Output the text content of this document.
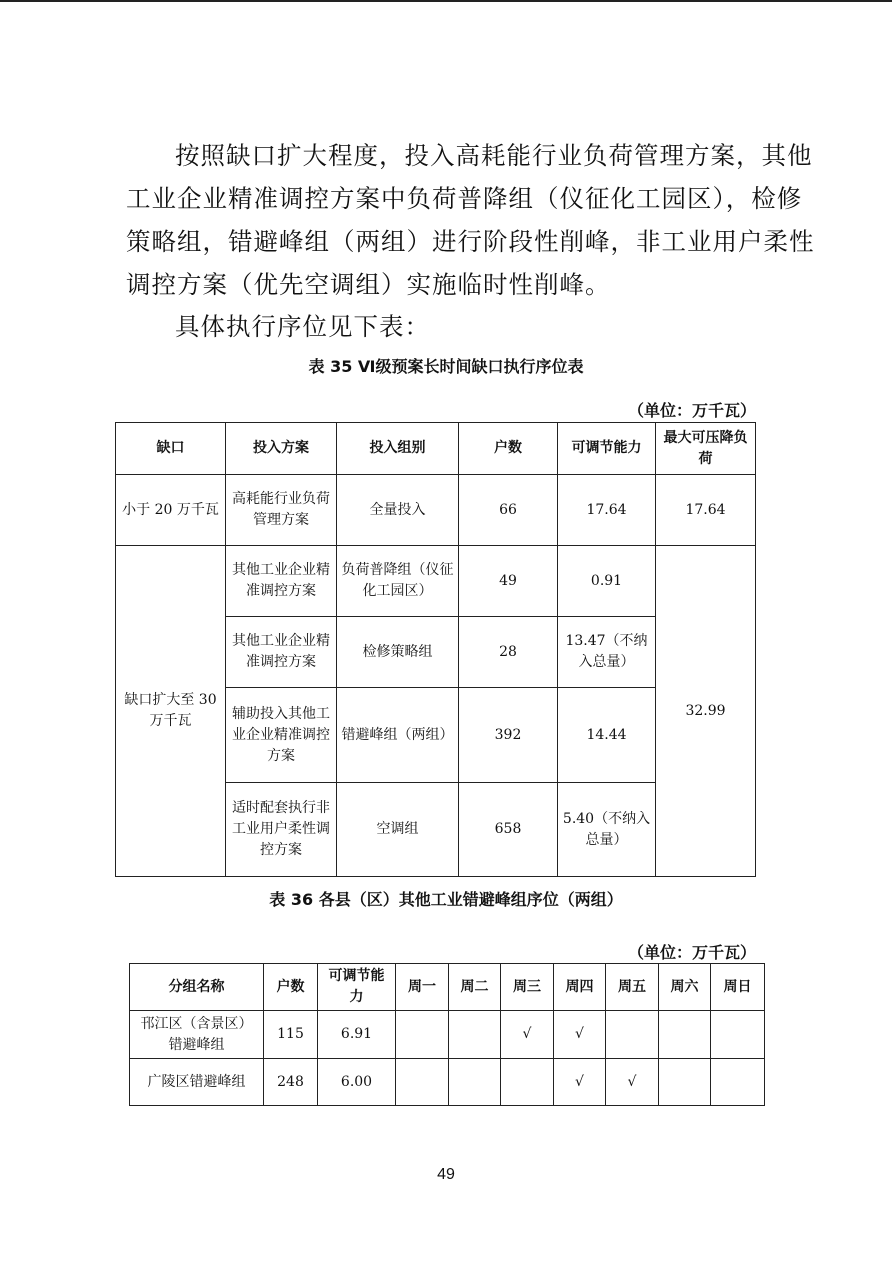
按照缺口扩大程度，投入高耗能行业负荷管理方案，其他
工业企业精准调控方案中负荷普降组（仪征化工园区），检修
策略组，错避峰组（两组）进行阶段性削峰，非工业用户柔性
调控方案（优先空调组）实施临时性削峰。
具体执行序位见下表：
表 35 Ⅵ级预案长时间缺口执行序位表
（单位：万千瓦）
缺口	投入方案	投入组别	户数	可调节能力	最大可压降负荷
小于 20 万千瓦	高耗能行业负荷管理方案	全量投入	66	17.64	17.64
缺口扩大至 30 万千瓦	其他工业企业精准调控方案	负荷普降组（仪征化工园区）	49	0.91	32.99
	其他工业企业精准调控方案	检修策略组	28	13.47（不纳入总量）	
	辅助投入其他工业企业精准调控方案	错避峰组（两组）	392	14.44	
	适时配套执行非工业用户柔性调控方案	空调组	658	5.40（不纳入总量）	
表 36 各县（区）其他工业错避峰组序位（两组）
（单位：万千瓦）
分组名称	户数	可调节能力	周一	周二	周三	周四	周五	周六	周日
邗江区（含景区）错避峰组	115	6.91			√	√			
广陵区错避峰组	248	6.00				√	√		
49
